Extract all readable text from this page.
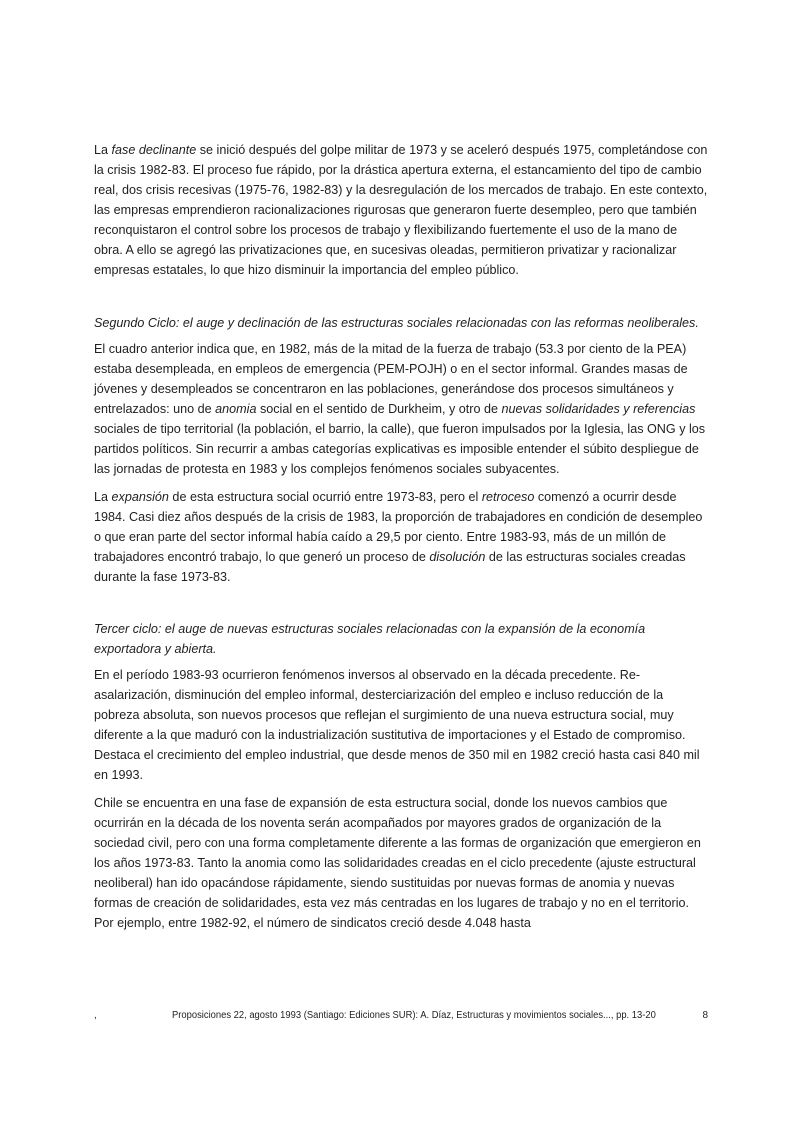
La fase declinante se inició después del golpe militar de 1973 y se aceleró después 1975, completándose con la crisis 1982-83. El proceso fue rápido, por la drástica apertura externa, el estancamiento del tipo de cambio real, dos crisis recesivas (1975-76, 1982-83) y la desregulación de los mercados de trabajo. En este contexto, las empresas emprendieron racionalizaciones rigurosas que generaron fuerte desempleo, pero que también reconquistaron el control sobre los procesos de trabajo y flexibilizando fuertemente el uso de la mano de obra. A ello se agregó las privatizaciones que, en sucesivas oleadas, permitieron privatizar y racionalizar empresas estatales, lo que hizo disminuir la importancia del empleo público.

Segundo Ciclo: el auge y declinación de las estructuras sociales relacionadas con las reformas neoliberales.

El cuadro anterior indica que, en 1982, más de la mitad de la fuerza de trabajo (53.3 por ciento de la PEA) estaba desempleada, en empleos de emergencia (PEM-POJH) o en el sector informal. Grandes masas de jóvenes y desempleados se concentraron en las poblaciones, generándose dos procesos simultáneos y entrelazados: uno de anomia social en el sentido de Durkheim, y otro de nuevas solidaridades y referencias sociales de tipo territorial (la población, el barrio, la calle), que fueron impulsados por la Iglesia, las ONG y los partidos políticos. Sin recurrir a ambas categorías explicativas es imposible entender el súbito despliegue de las jornadas de protesta en 1983 y los complejos fenómenos sociales subyacentes.

La expansión de esta estructura social ocurrió entre 1973-83, pero el retroceso comenzó a ocurrir desde 1984. Casi diez años después de la crisis de 1983, la proporción de trabajadores en condición de desempleo o que eran parte del sector informal había caído a 29,5 por ciento. Entre 1983-93, más de un millón de trabajadores encontró trabajo, lo que generó un proceso de disolución de las estructuras sociales creadas durante la fase 1973-83.

Tercer ciclo: el auge de nuevas estructuras sociales relacionadas con la expansión de la economía exportadora y abierta.

En el período 1983-93 ocurrieron fenómenos inversos al observado en la década precedente. Re-asalarización, disminución del empleo informal, desterciarización del empleo e incluso reducción de la pobreza absoluta, son nuevos procesos que reflejan el surgimiento de una nueva estructura social, muy diferente a la que maduró con la industrialización sustitutiva de importaciones y el Estado de compromiso. Destaca el crecimiento del empleo industrial, que desde menos de 350 mil en 1982 creció hasta casi 840 mil en 1993.

Chile se encuentra en una fase de expansión de esta estructura social, donde los nuevos cambios que ocurrirán en la década de los noventa serán acompañados por mayores grados de organización de la sociedad civil, pero con una forma completamente diferente a las formas de organización que emergieron en los años 1973-83. Tanto la anomia como las solidaridades creadas en el ciclo precedente (ajuste estructural neoliberal) han ido opacándose rápidamente, siendo sustituidas por nuevas formas de anomia y nuevas formas de creación de solidaridades, esta vez más centradas en los lugares de trabajo y no en el territorio. Por ejemplo, entre 1982-92, el número de sindicatos creció desde 4.048 hasta

,	Proposiciones 22, agosto 1993 (Santiago: Ediciones SUR): A. Díaz, Estructuras y movimientos sociales..., pp. 13-20	8
